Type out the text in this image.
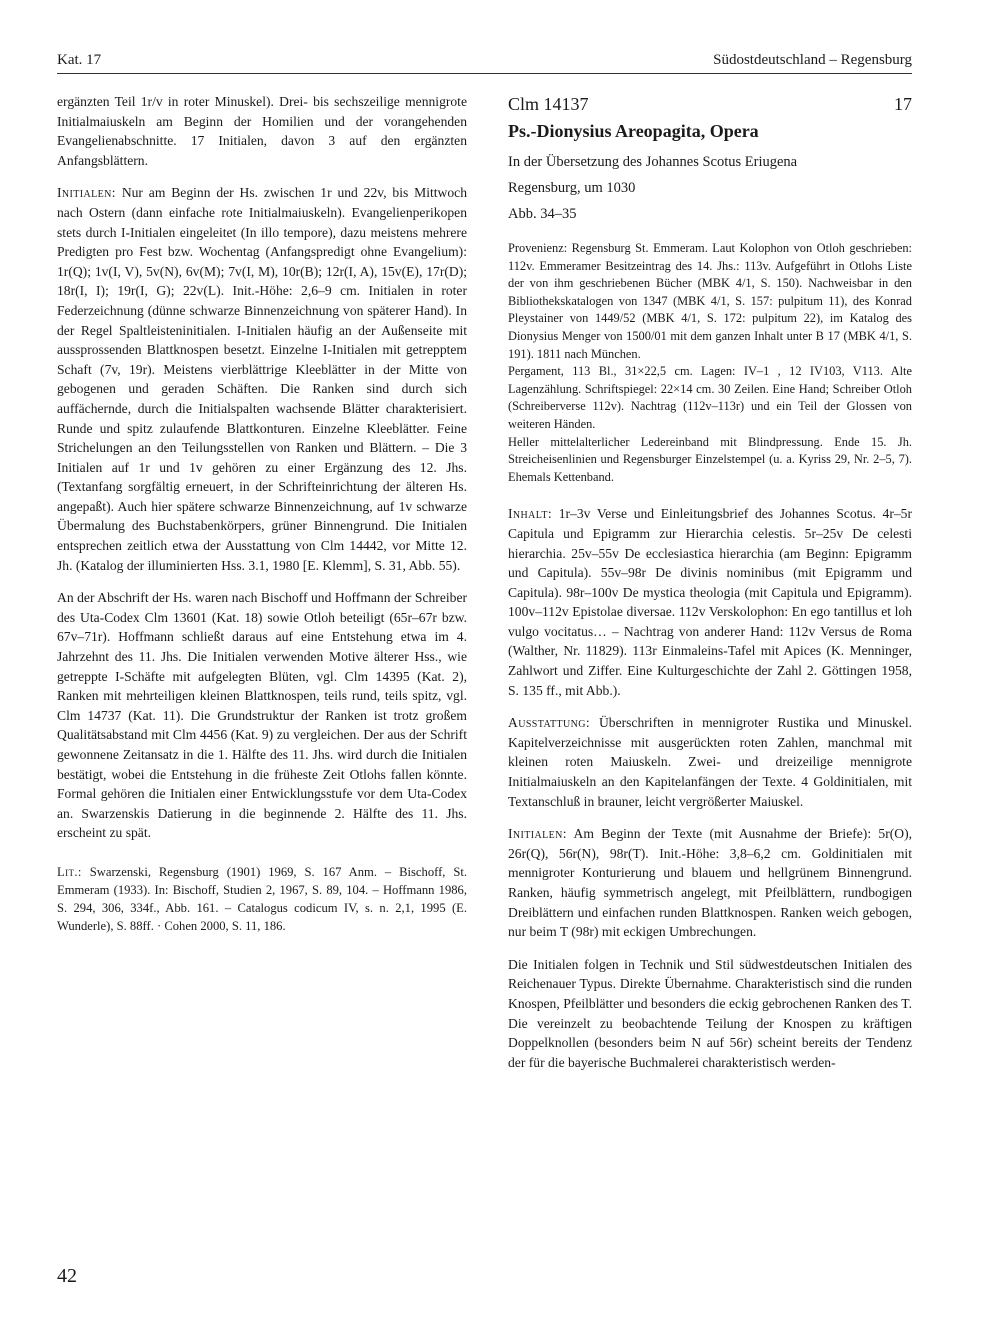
Kat. 17	Südostdeutschland – Regensburg

ergänzten Teil 1r/v in roter Minuskel). Drei- bis sechszeilige mennigrote Initialmaiuskeln am Beginn der Homilien und der vorangehenden Evangelienabschnitte. 17 Initialen, davon 3 auf den ergänzten Anfangsblättern.

Initialen: Nur am Beginn der Hs. zwischen 1r und 22v, bis Mittwoch nach Ostern (dann einfache rote Initialmaiuskeln). Evangelienperikopen stets durch I-Initialen eingeleitet (In illo tempore), dazu meistens mehrere Predigten pro Fest bzw. Wochentag (Anfangspredigt ohne Evangelium): 1r(Q); 1v(I, V), 5v(N), 6v(M); 7v(I, M), 10r(B); 12r(I, A), 15v(E), 17r(D); 18r(I, I); 19r(I, G); 22v(L). Init.-Höhe: 2,6–9 cm. Initialen in roter Federzeichnung (dünne schwarze Binnenzeichnung von späterer Hand). In der Regel Spaltleisteninitialen. I-Initialen häufig an der Außenseite mit aussprossenden Blattknospen besetzt. Einzelne I-Initialen mit getrepptem Schaft (7v, 19r). Meistens vierblättrige Kleeblätter in der Mitte von gebogenen und geraden Schäften. Die Ranken sind durch sich auffächernde, durch die Initialspalten wachsende Blätter charakterisiert. Runde und spitz zulaufende Blattkonturen. Einzelne Kleeblätter. Feine Strichelungen an den Teilungsstellen von Ranken und Blättern. – Die 3 Initialen auf 1r und 1v gehören zu einer Ergänzung des 12. Jhs. (Textanfang sorgfältig erneuert, in der Schrifteinrichtung der älteren Hs. angepaßt). Auch hier spätere schwarze Binnenzeichnung, auf 1v schwarze Übermalung des Buchstabenkörpers, grüner Binnengrund. Die Initialen entsprechen zeitlich etwa der Ausstattung von Clm 14442, vor Mitte 12. Jh. (Katalog der illuminierten Hss. 3.1, 1980 [E. Klemm], S. 31, Abb. 55).

An der Abschrift der Hs. waren nach Bischoff und Hoffmann der Schreiber des Uta-Codex Clm 13601 (Kat. 18) sowie Otloh beteiligt (65r–67r bzw. 67v–71r). Hoffmann schließt daraus auf eine Entstehung etwa im 4. Jahrzehnt des 11. Jhs. Die Initialen verwenden Motive älterer Hss., wie getreppte I-Schäfte mit aufgelegten Blüten, vgl. Clm 14395 (Kat. 2), Ranken mit mehrteiligen kleinen Blattknospen, teils rund, teils spitz, vgl. Clm 14737 (Kat. 11). Die Grundstruktur der Ranken ist trotz großem Qualitätsabstand mit Clm 4456 (Kat. 9) zu vergleichen. Der aus der Schrift gewonnene Zeitansatz in die 1. Hälfte des 11. Jhs. wird durch die Initialen bestätigt, wobei die Entstehung in die früheste Zeit Otlohs fallen könnte. Formal gehören die Initialen einer Entwicklungsstufe vor dem Uta-Codex an. Swarzenskis Datierung in die beginnende 2. Hälfte des 11. Jhs. erscheint zu spät.

Lit.: Swarzenski, Regensburg (1901) 1969, S. 167 Anm. – Bischoff, St. Emmeram (1933). In: Bischoff, Studien 2, 1967, S. 89, 104. – Hoffmann 1986, S. 294, 306, 334f., Abb. 161. – Catalogus codicum IV, s. n. 2,1, 1995 (E. Wunderle), S. 88ff. · Cohen 2000, S. 11, 186.
Clm 14137	17
Ps.-Dionysius Areopagita, Opera
In der Übersetzung des Johannes Scotus Eriugena
Regensburg, um 1030
Abb. 34–35

Provenienz: Regensburg St. Emmeram. Laut Kolophon von Otloh geschrieben: 112v. Emmeramer Besitzeintrag des 14. Jhs.: 113v. Aufgeführt in Otlohs Liste der von ihm geschriebenen Bücher (MBK 4/1, S. 150). Nachweisbar in den Bibliothekskatalogen von 1347 (MBK 4/1, S. 157: pulpitum 11), des Konrad Pleystainer von 1449/52 (MBK 4/1, S. 172: pulpitum 22), im Katalog des Dionysius Menger von 1500/01 mit dem ganzen Inhalt unter B 17 (MBK 4/1, S. 191). 1811 nach München.

Pergament, 113 Bl., 31×22,5 cm. Lagen: IV–1 , 12 IV103, V113. Alte Lagenzählung. Schriftspiegel: 22×14 cm. 30 Zeilen. Eine Hand; Schreiber Otloh (Schreiberverse 112v). Nachtrag (112v–113r) und ein Teil der Glossen von weiteren Händen.

Heller mittelalterlicher Ledereinband mit Blindpressung. Ende 15. Jh. Streicheisenlinien und Regensburger Einzelstempel (u. a. Kyriss 29, Nr. 2–5, 7). Ehemals Kettenband.

Inhalt: 1r–3v Verse und Einleitungsbrief des Johannes Scotus. 4r–5r Capitula und Epigramm zur Hierarchia celestis. 5r–25v De celesti hierarchia. 25v–55v De ecclesiastica hierarchia (am Beginn: Epigramm und Capitula). 55v–98r De divinis nominibus (mit Epigramm und Capitula). 98r–100v De mystica theologia (mit Capitula und Epigramm). 100v–112v Epistolae diversae. 112v Verskolophon: En ego tantillus et loh vulgo vocitatus… – Nachtrag von anderer Hand: 112v Versus de Roma (Walther, Nr. 11829). 113r Einmaleins-Tafel mit Apices (K. Menninger, Zahlwort und Ziffer. Eine Kulturgeschichte der Zahl 2. Göttingen 1958, S. 135 ff., mit Abb.).

Ausstattung: Überschriften in mennigroter Rustika und Minuskel. Kapitelverzeichnisse mit ausgerückten roten Zahlen, manchmal mit kleinen roten Maiuskeln. Zwei- und dreizeilige mennigrote Initialmaiuskeln an den Kapitelanfängen der Texte. 4 Goldinitialen, mit Textanschluß in brauner, leicht vergrößerter Maiuskel.

Initialen: Am Beginn der Texte (mit Ausnahme der Briefe): 5r(O), 26r(Q), 56r(N), 98r(T). Init.-Höhe: 3,8–6,2 cm. Goldinitialen mit mennigroter Konturierung und blauem und hellgrünem Binnengrund. Ranken, häufig symmetrisch angelegt, mit Pfeilblättern, rundbogigen Dreiblättern und einfachen runden Blattknospen. Ranken weich gebogen, nur beim T (98r) mit eckigen Umbrechungen.

Die Initialen folgen in Technik und Stil südwestdeutschen Initialen des Reichenauer Typus. Direkte Übernahme. Charakteristisch sind die runden Knospen, Pfeilblätter und besonders die eckig gebrochenen Ranken des T. Die vereinzelt zu beobachtende Teilung der Knospen zu kräftigen Doppelknollen (besonders beim N auf 56r) scheint bereits der Tendenz der für die bayerische Buchmalerei charakteristisch werden-

42
